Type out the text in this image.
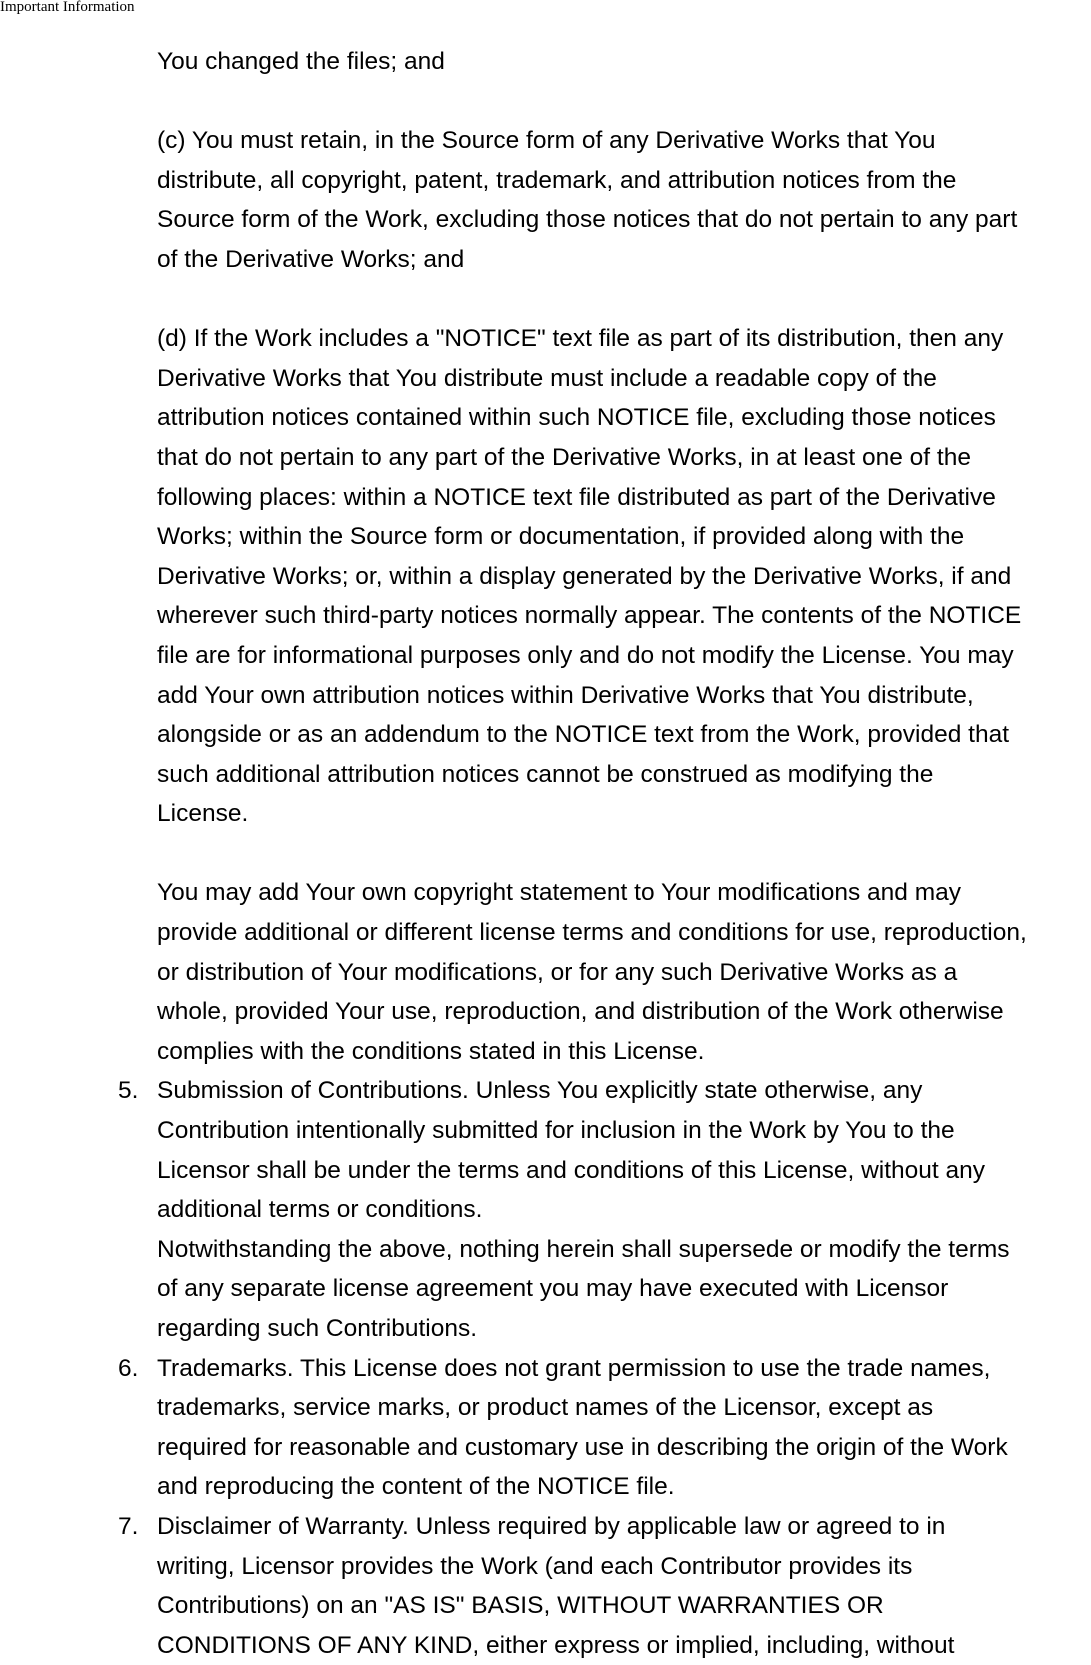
Important Information
You changed the files; and
(c) You must retain, in the Source form of any Derivative Works that You
distribute, all copyright, patent, trademark, and attribution notices from the
Source form of the Work, excluding those notices that do not pertain to any part
of the Derivative Works; and
(d) If the Work includes a "NOTICE" text file as part of its distribution, then any
Derivative Works that You distribute must include a readable copy of the
attribution notices contained within such NOTICE file, excluding those notices
that do not pertain to any part of the Derivative Works, in at least one of the
following places: within a NOTICE text file distributed as part of the Derivative
Works; within the Source form or documentation, if provided along with the
Derivative Works; or, within a display generated by the Derivative Works, if and
wherever such third-party notices normally appear. The contents of the NOTICE
file are for informational purposes only and do not modify the License. You may
add Your own attribution notices within Derivative Works that You distribute,
alongside or as an addendum to the NOTICE text from the Work, provided that
such additional attribution notices cannot be construed as modifying the
License.
You may add Your own copyright statement to Your modifications and may
provide additional or different license terms and conditions for use, reproduction,
or distribution of Your modifications, or for any such Derivative Works as a
whole, provided Your use, reproduction, and distribution of the Work otherwise
complies with the conditions stated in this License.
5. Submission of Contributions. Unless You explicitly state otherwise, any
Contribution intentionally submitted for inclusion in the Work by You to the
Licensor shall be under the terms and conditions of this License, without any
additional terms or conditions.
Notwithstanding the above, nothing herein shall supersede or modify the terms
of any separate license agreement you may have executed with Licensor
regarding such Contributions.
6. Trademarks. This License does not grant permission to use the trade names,
trademarks, service marks, or product names of the Licensor, except as
required for reasonable and customary use in describing the origin of the Work
and reproducing the content of the NOTICE file.
7. Disclaimer of Warranty. Unless required by applicable law or agreed to in
writing, Licensor provides the Work (and each Contributor provides its
Contributions) on an "AS IS" BASIS, WITHOUT WARRANTIES OR
CONDITIONS OF ANY KIND, either express or implied, including, without
